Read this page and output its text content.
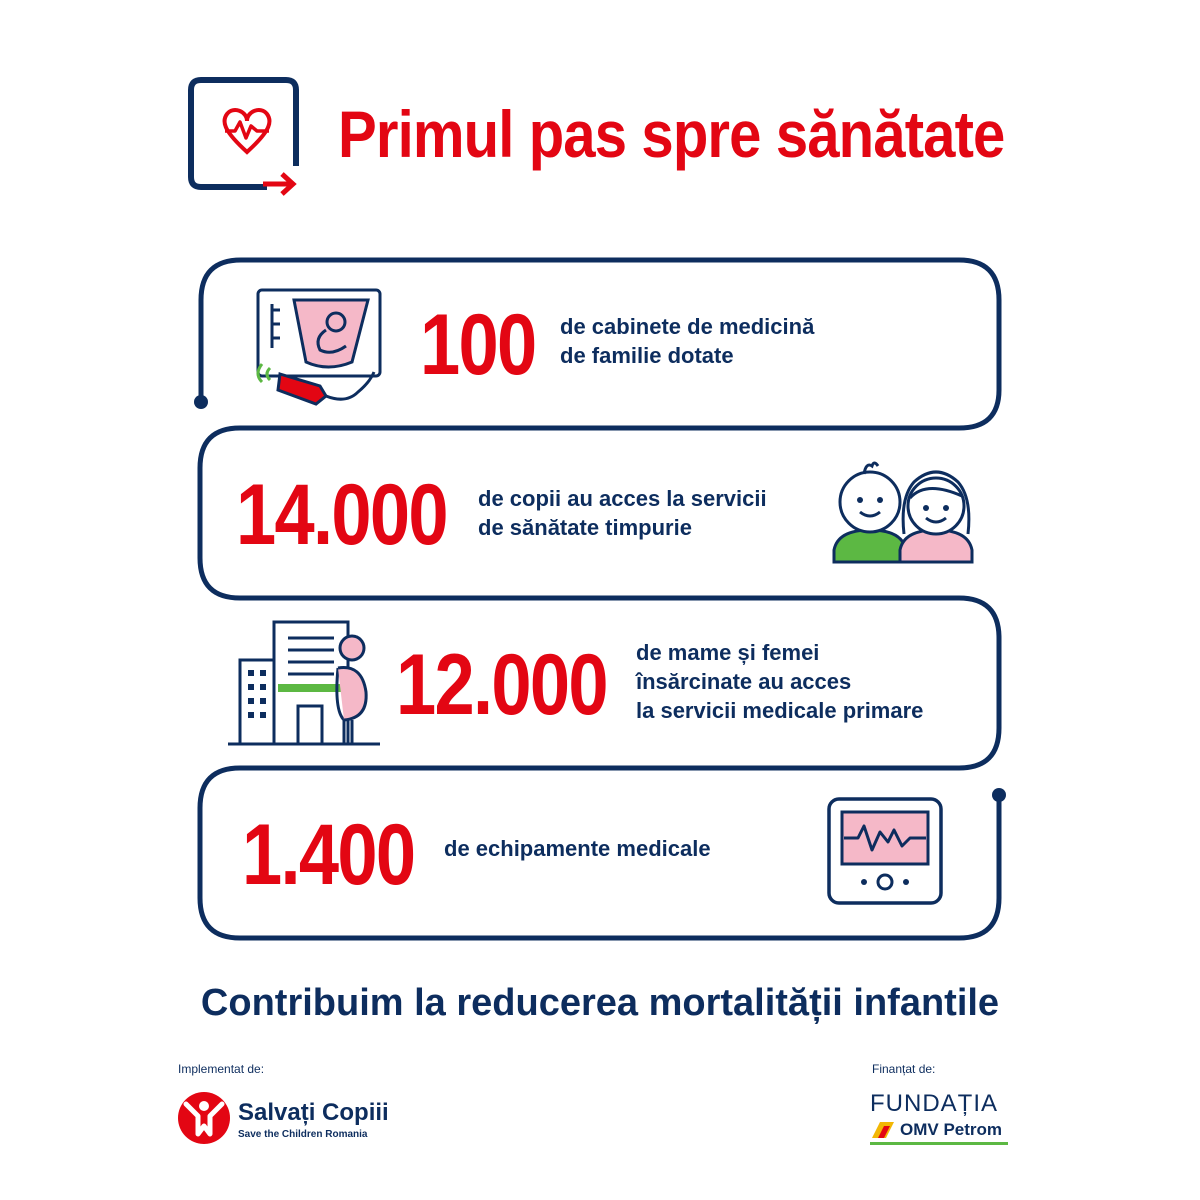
Primul pas spre sănătate
100 de cabinete de medicină
de familie dotate
14.000 de copii au acces la servicii
de sănătate timpurie
12.000 de mame și femei
însărcinate au acces
la servicii medicale primare
1.400 de echipamente medicale
Contribuim la reducerea mortalității infantile
Implementat de:
Salvați Copiii
Save the Children Romania
Finanțat de:
FUNDAȚIA
OMV Petrom
